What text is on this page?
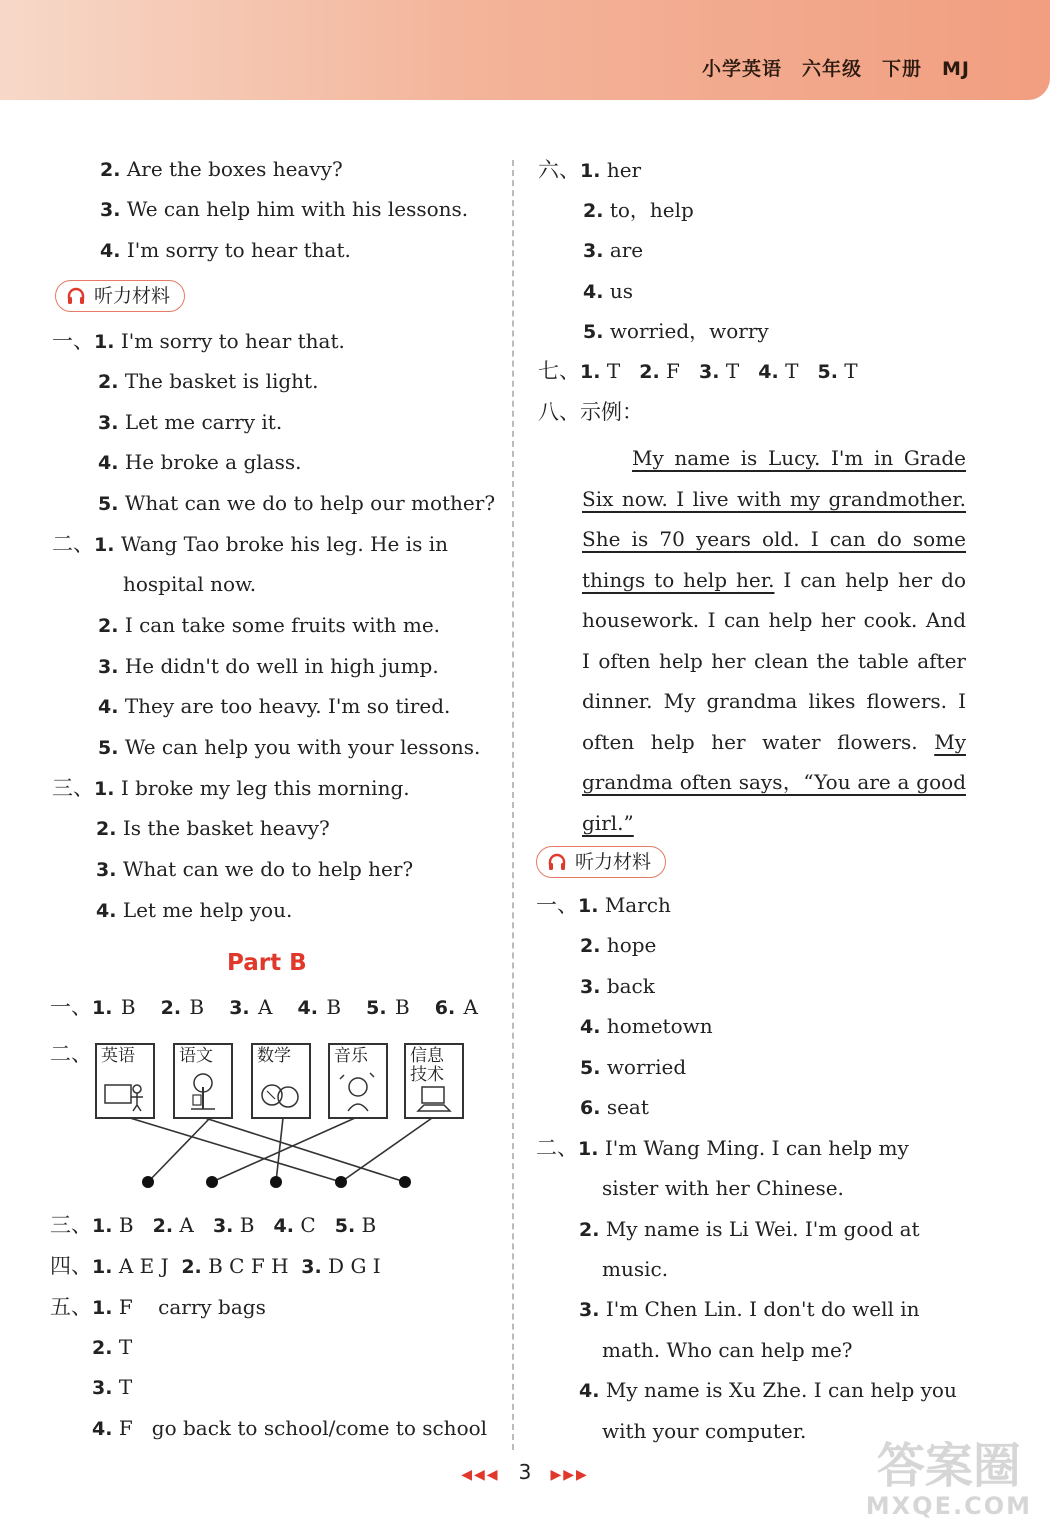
小学英语　六年级　下册　MJ
2. Are the boxes heavy?
3. We can help him with his lessons.
4. I'm sorry to hear that.
听力材料
一、1. I'm sorry to hear that.
2. The basket is light.
3. Let me carry it.
4. He broke a glass.
5. What can we do to help our mother?
二、1. Wang Tao broke his leg. He is in
hospital now.
2. I can take some fruits with me.
3. He didn't do well in high jump.
4. They are too heavy. I'm so tired.
5. We can help you with your lessons.
三、1. I broke my leg this morning.
2. Is the basket heavy?
3. What can we do to help her?
4. Let me help you.
Part B
一、1. B 2. B 3. A 4. B 5. B 6. A
二、 英语	语文	数学	音乐 信息技术
三、1. B 2. A 3. B 4. C 5. B
四、1. A E J 2. B C F H 3. D G I
五、1. F carry bags
2. T
3. T
4. F go back to school/come to school
六、1. her
2. to，help
3. are
4. us
5. worried，worry
七、1. T 2. F 3. T 4. T 5. T
八、示例：
My name is Lucy. I'm in Grade Six now. I live with my grandmother. She is 70 years old. I can do some things to help her. I can help her do housework. I can help her cook. And I often help her clean the table after dinner. My grandma likes flowers. I often help her water flowers. My grandma often says，“You are a good girl.”
听力材料
一、1. March
2. hope
3. back
4. hometown
5. worried
6. seat
二、1. I'm Wang Ming. I can help my
sister with her Chinese.
2. My name is Li Wei. I'm good at
music.
3. I'm Chen Lin. I don't do well in
math. Who can help me?
4. My name is Xu Zhe. I can help you
with your computer.
◀◀◀ 3 ▶▶▶	答案圈
MXQE.COM
